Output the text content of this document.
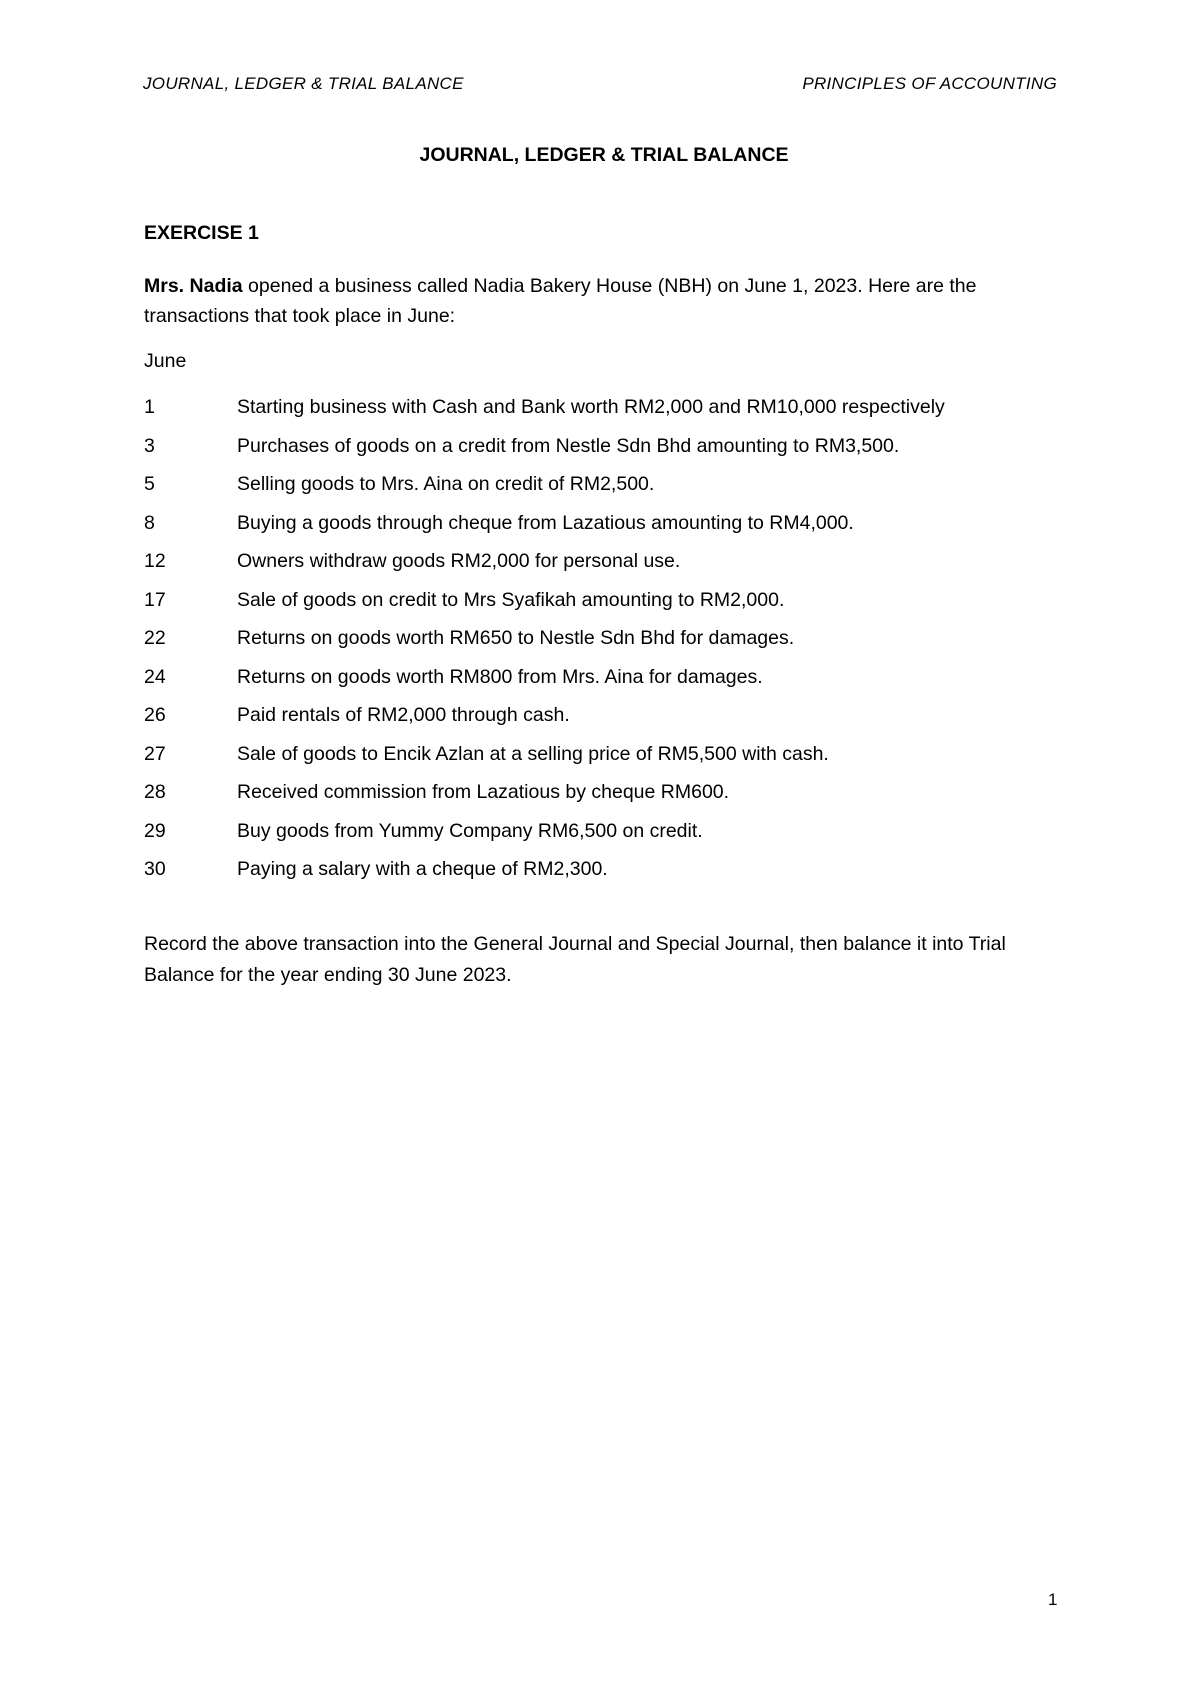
JOURNAL, LEDGER & TRIAL BALANCE	PRINCIPLES OF ACCOUNTING

JOURNAL, LEDGER & TRIAL BALANCE

EXERCISE 1

Mrs. Nadia opened a business called Nadia Bakery House (NBH) on June 1, 2023. Here are the transactions that took place in June:

June

1	Starting business with Cash and Bank worth RM2,000 and RM10,000 respectively
3	Purchases of goods on a credit from Nestle Sdn Bhd amounting to RM3,500.
5	Selling goods to Mrs. Aina on credit of RM2,500.
8	Buying a goods through cheque from Lazatious amounting to RM4,000.
12	Owners withdraw goods RM2,000 for personal use.
17	Sale of goods on credit to Mrs Syafikah amounting to RM2,000.
22	Returns on goods worth RM650 to Nestle Sdn Bhd for damages.
24	Returns on goods worth RM800 from Mrs. Aina for damages.
26	Paid rentals of RM2,000 through cash.
27	Sale of goods to Encik Azlan at a selling price of RM5,500 with cash.
28	Received commission from Lazatious by cheque RM600.
29	Buy goods from Yummy Company RM6,500 on credit.
30	Paying a salary with a cheque of RM2,300.

Record the above transaction into the General Journal and Special Journal, then balance it into Trial Balance for the year ending 30 June 2023.

1
